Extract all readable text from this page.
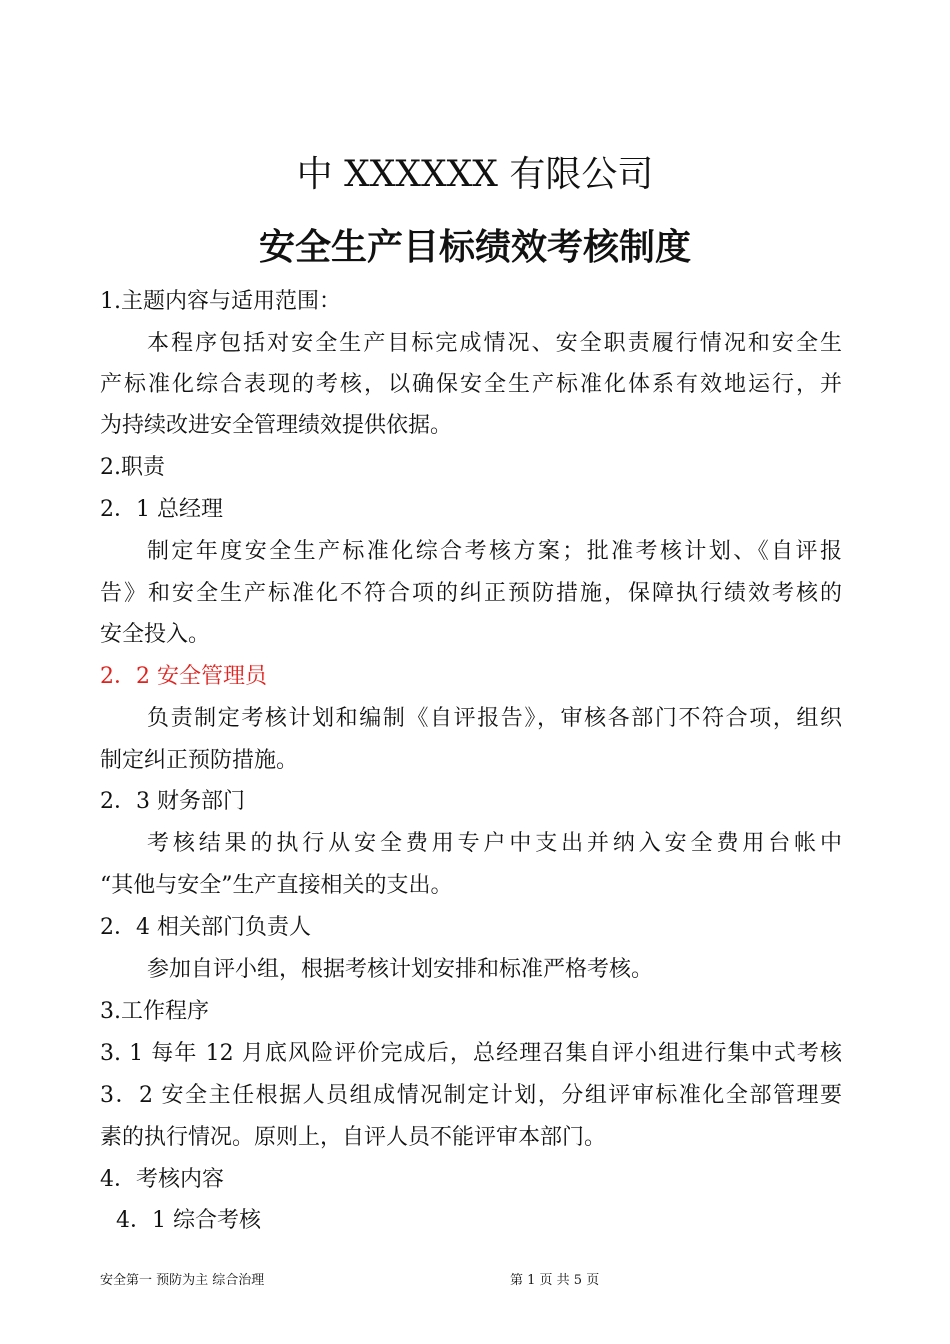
中 XXXXXX 有限公司
安全生产目标绩效考核制度
1.主题内容与适用范围：
本程序包括对安全生产目标完成情况、安全职责履行情况和安全生
产标准化综合表现的考核，以确保安全生产标准化体系有效地运行，并
为持续改进安全管理绩效提供依据。
2.职责
2．1 总经理
制定年度安全生产标准化综合考核方案；批准考核计划、《自评报
告》和安全生产标准化不符合项的纠正预防措施，保障执行绩效考核的
安全投入。
2．2 安全管理员
负责制定考核计划和编制《自评报告》，审核各部门不符合项，组织
制定纠正预防措施。
2．3 财务部门
考核结果的执行从安全费用专户中支出并纳入安全费用台帐中
“其他与安全”生产直接相关的支出。
2．4 相关部门负责人
参加自评小组，根据考核计划安排和标准严格考核。
3.工作程序
3. 1 每年 12 月底风险评价完成后，总经理召集自评小组进行集中式考核
3．2 安全主任根据人员组成情况制定计划，分组评审标准化全部管理要
素的执行情况。原则上，自评人员不能评审本部门。
4．考核内容
4．1 综合考核
安全第一 预防为主 综合治理	第 1 页 共 5 页
